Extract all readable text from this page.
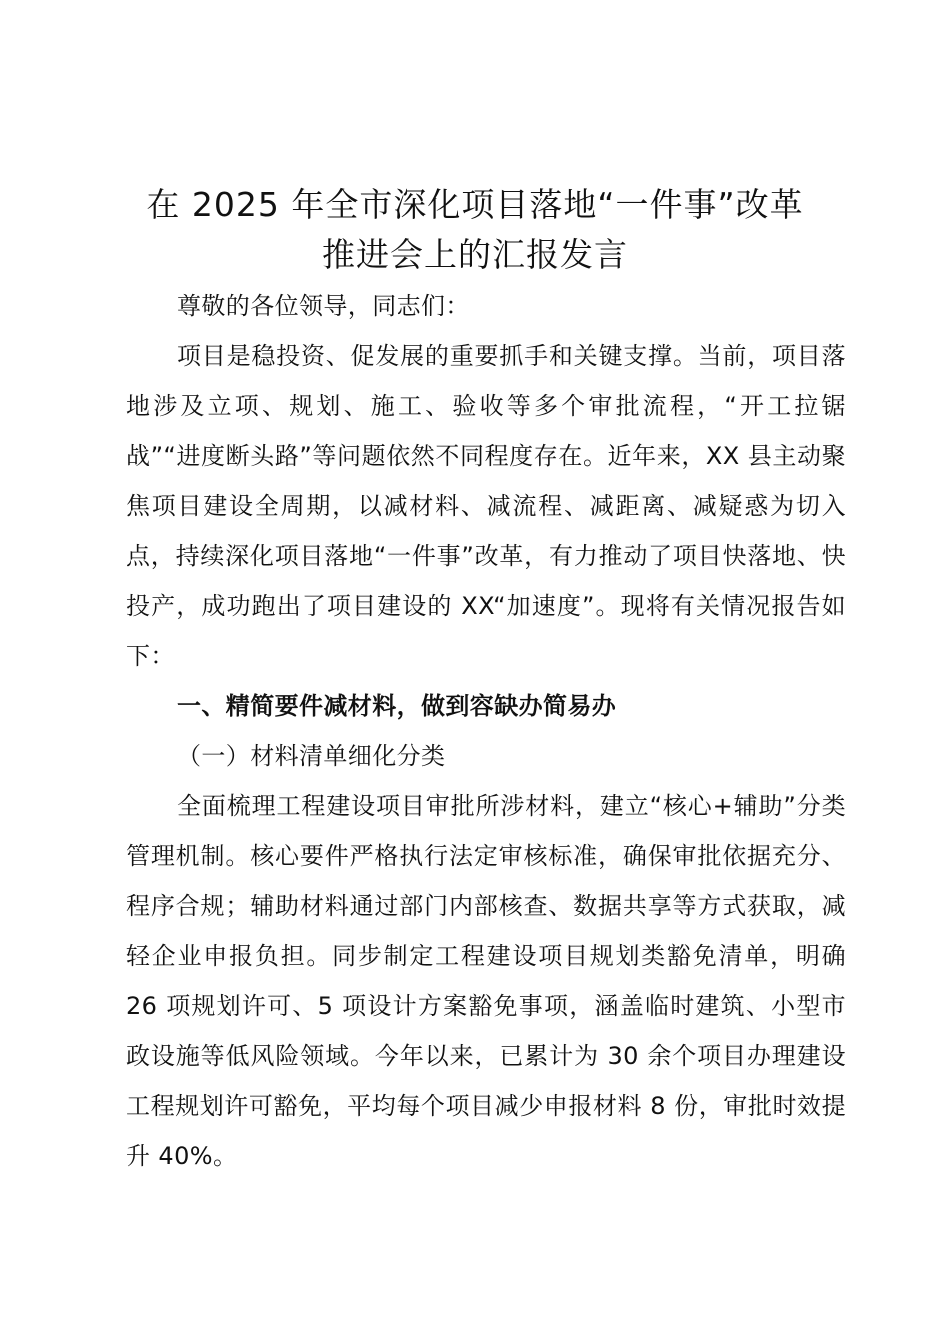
在 2025 年全市深化项目落地“一件事”改革
推进会上的汇报发言

尊敬的各位领导，同志们：

项目是稳投资、促发展的重要抓手和关键支撑。当前，项目落地涉及立项、规划、施工、验收等多个审批流程，“开工拉锯战”“进度断头路”等问题依然不同程度存在。近年来，XX 县主动聚焦项目建设全周期，以减材料、减流程、减距离、减疑惑为切入点，持续深化项目落地“一件事”改革，有力推动了项目快落地、快投产，成功跑出了项目建设的 XX“加速度”。现将有关情况报告如下：

一、精简要件减材料，做到容缺办简易办

（一）材料清单细化分类

全面梳理工程建设项目审批所涉材料，建立“核心+辅助”分类管理机制。核心要件严格执行法定审核标准，确保审批依据充分、程序合规；辅助材料通过部门内部核查、数据共享等方式获取，减轻企业申报负担。同步制定工程建设项目规划类豁免清单，明确 26 项规划许可、5 项设计方案豁免事项，涵盖临时建筑、小型市政设施等低风险领域。今年以来，已累计为 30 余个项目办理建设工程规划许可豁免，平均每个项目减少申报材料 8 份，审批时效提升 40%。
